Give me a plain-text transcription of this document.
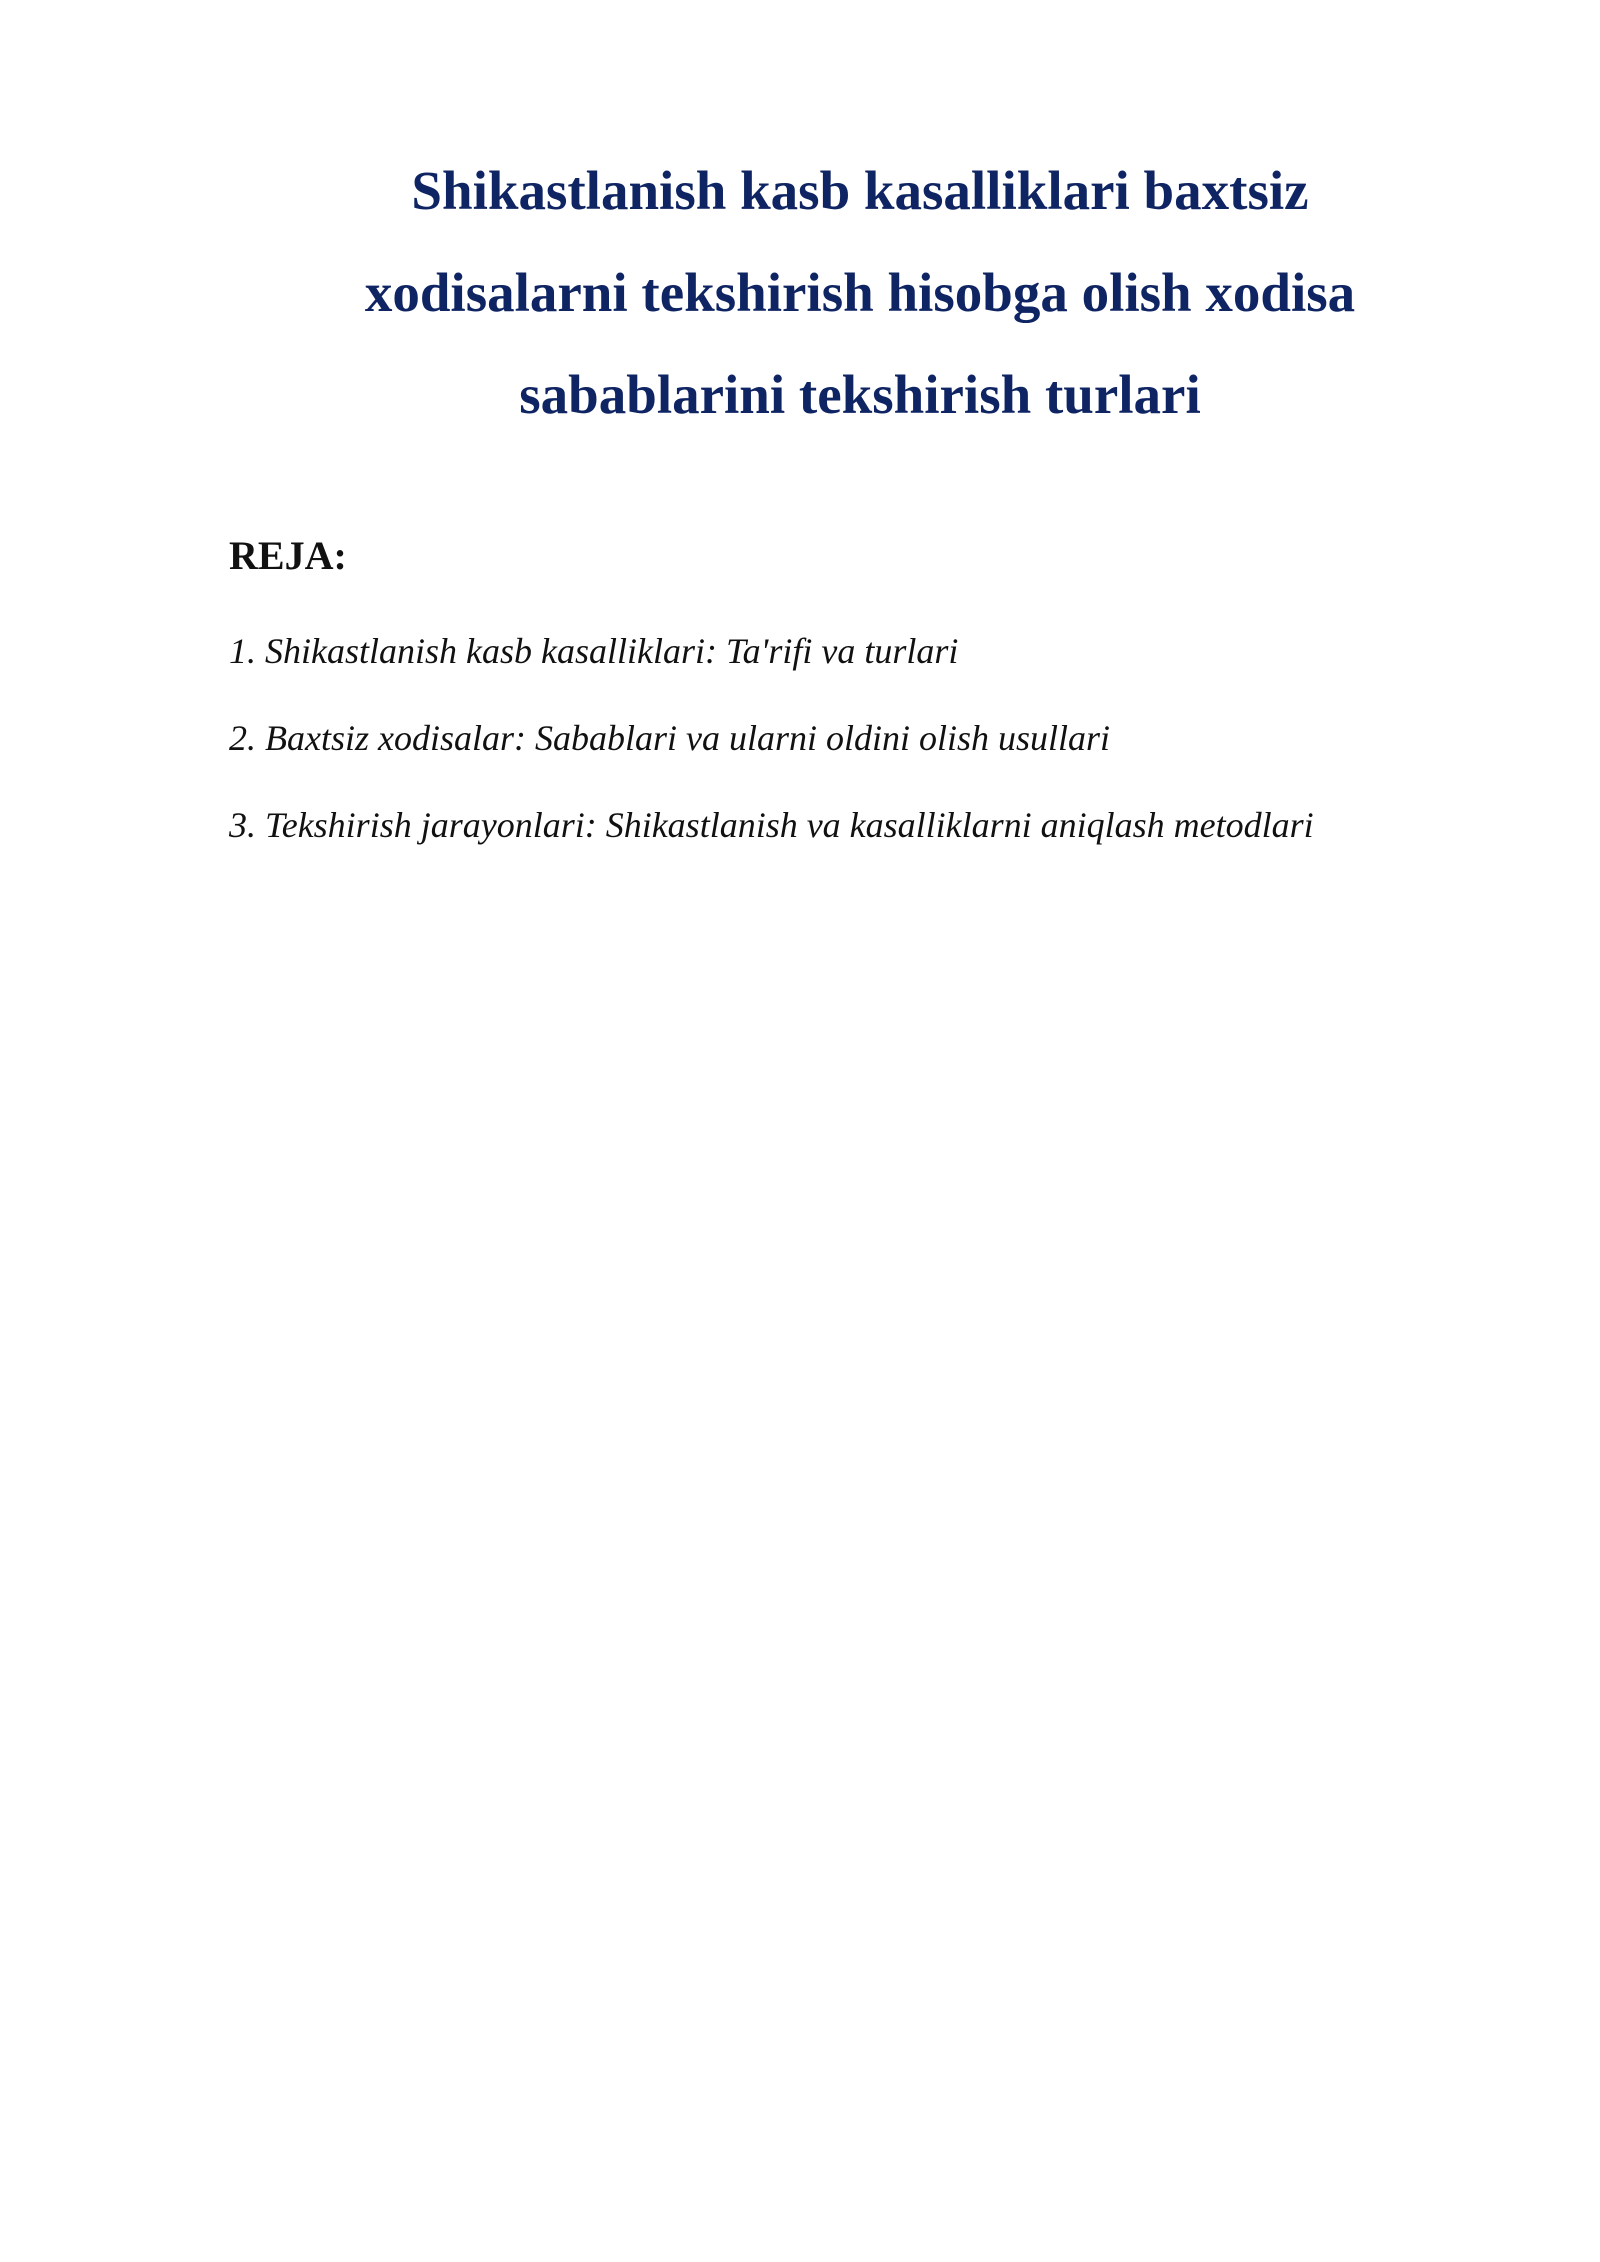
Shikastlanish kasb kasalliklari baxtsiz xodisalarni tekshirish hisobga olish xodisa sabablarini tekshirish turlari
REJA:
1. Shikastlanish kasb kasalliklari: Ta'rifi va turlari
2. Baxtsiz xodisalar: Sabablari va ularni oldini olish usullari
3. Tekshirish jarayonlari: Shikastlanish va kasalliklarni aniqlash metodlari
